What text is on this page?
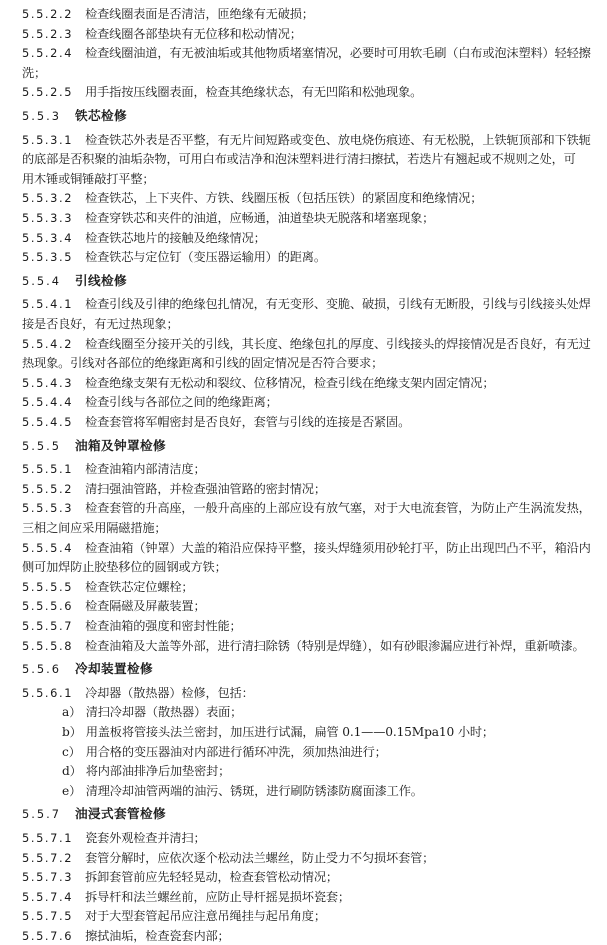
5.5.2.2  检查线圈表面是否清洁，匝绝缘有无破损；
5.5.2.3  检查线圈各部垫块有无位移和松动情况；
5.5.2.4  检查线圈油道，有无被油垢或其他物质堵塞情况，必要时可用软毛刷（白布或泡沫塑料）轻轻擦
洗；
5.5.2.5  用手指按压线圈表面，检查其绝缘状态，有无凹陷和松弛现象。
5.5.3 铁芯检修
5.5.3.1  检查铁芯外表是否平整，有无片间短路或变色、放电烧伤痕迹、有无松脱，上铁轭顶部和下铁轭
的底部是否积聚的油垢杂物，可用白布或洁净和泡沫塑料进行清扫擦拭，若迭片有翘起或不规则之处，可
用木锤或铜锤敲打平整；
5.5.3.2  检查铁芯，上下夹件、方铁、线圈压板（包括压铁）的紧固度和绝缘情况；
5.5.3.3  检查穿铁芯和夹件的油道，应畅通，油道垫块无脱落和堵塞现象；
5.5.3.4  检查铁芯地片的接触及绝缘情况；
5.5.3.5  检查铁芯与定位钉（变压器运输用）的距离。
5.5.4 引线检修
5.5.4.1  检查引线及引律的绝缘包扎情况，有无变形、变脆、破损，引线有无断股，引线与引线接头处焊
接是否良好，有无过热现象；
5.5.4.2  检查线圈至分接开关的引线，其长度、绝缘包扎的厚度、引线接头的焊接情况是否良好，有无过
热现象。引线对各部位的绝缘距离和引线的固定情况是否符合要求；
5.5.4.3  检查绝缘支架有无松动和裂纹、位移情况，检查引线在绝缘支架内固定情况；
5.5.4.4  检查引线与各部位之间的绝缘距离；
5.5.4.5  检查套管将军帽密封是否良好，套管与引线的连接是否紧固。
5.5.5 油箱及钟罩检修
5.5.5.1  检查油箱内部清洁度；
5.5.5.2  清扫强油管路，并检查强油管路的密封情况；
5.5.5.3  检查套管的升高座，一般升高座的上部应设有放气塞，对于大电流套管，为防止产生涡流发热，
三相之间应采用隔磁措施；
5.5.5.4  检查油箱（钟罩）大盖的箱沿应保持平整，接头焊缝须用砂轮打平，防止出现凹凸不平，箱沿内
侧可加焊防止胶垫移位的圆钢或方铁；
5.5.5.5  检查铁芯定位螺栓；
5.5.5.6  检查隔磁及屏蔽装置；
5.5.5.7  检查油箱的强度和密封性能；
5.5.5.8  检查油箱及大盖等外部，进行清扫除锈（特别是焊缝），如有砂眼渗漏应进行补焊，重新喷漆。
5.5.6 冷却装置检修
5.5.6.1  冷却器（散热器）检修，包括：
a） 清扫冷却器（散热器）表面；
b） 用盖板将管接头法兰密封，加压进行试漏，扁管 0.1——0.15Mpa10 小时；
c） 用合格的变压器油对内部进行循环冲洗，须加热油进行；
d） 将内部油排净后加垫密封；
e） 清理冷却油管两端的油污、锈斑，进行刷防锈漆防腐面漆工作。
5.5.7 油浸式套管检修
5.5.7.1  瓷套外观检查并清扫；
5.5.7.2  套管分解时，应依次逐个松动法兰螺丝，防止受力不匀损坏套管；
5.5.7.3  拆卸套管前应先轻轻晃动，检查套管松动情况；
5.5.7.4  拆导杆和法兰螺丝前，应防止导杆摇晃损坏瓷套；
5.5.7.5  对于大型套管起吊应注意吊绳挂与起吊角度；
5.5.7.6  擦拭油垢，检查瓷套内部；
